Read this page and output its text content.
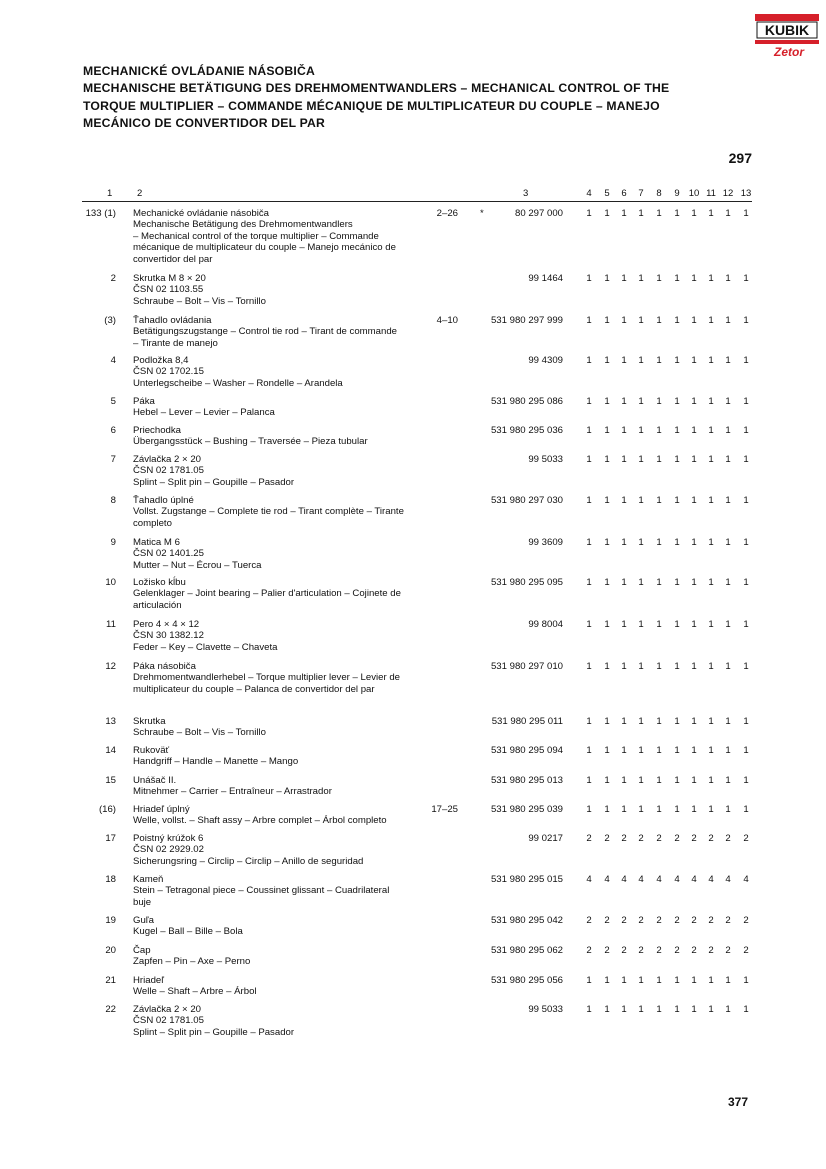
KUBIK
Zetor
MECHANICKÉ OVLÁDANIE NÁSOBIČA
MECHANISCHE BETÄTIGUNG DES DREHMOMENTWANDLERS – MECHANICAL CONTROL OF THE
TORQUE MULTIPLIER – COMMANDE MÉCANIQUE DE MULTIPLICATEUR DU COUPLE – MANEJO
MECÁNICO DE CONVERTIDOR DEL PAR
297
1	2	3	4	5	6	7	8	9 10 11 12 13
133 (1) Mechanické ovládanie násobiča
Mechanische Betätigung des Drehmomentwandlers
– Mechanical control of the torque multiplier – Commande
mécanique de multiplicateur du couple – Manejo mecánico de
convertidor del par
2–26 *	80 297 000	1	1	1	1	1	1	1	1	1	1
2 Skrutka M 8 × 20
ČSN 02 1103.55
Schraube – Bolt – Vis – Tornillo
99 1464	1	1	1	1	1	1	1	1	1	1
(3) Ťahadlo ovládania
Betätigungszugstange – Control tie rod – Tirant de commande
– Tirante de manejo
4–10	531 980 297 999	1	1	1	1	1	1	1	1	1	1
4 Podložka 8,4
ČSN 02 1702.15
Unterlegscheibe – Washer – Rondelle – Arandela
99 4309	1	1	1	1	1	1	1	1	1	1
5 Páka
Hebel – Lever – Levier – Palanca
531 980 295 086	1	1	1	1	1	1	1	1	1	1
6 Priechodka
Übergangsstück – Bushing – Traversée – Pieza tubular
531 980 295 036	1	1	1	1	1	1	1	1	1	1
7 Závlačka 2 × 20
ČSN 02 1781.05
Splint – Split pin – Goupille – Pasador
99 5033	1	1	1	1	1	1	1	1	1	1
8 Ťahadlo úplné
Vollst. Zugstange – Complete tie rod – Tirant complète – Tirante
completo
531 980 297 030	1	1	1	1	1	1	1	1	1	1
9 Matica M 6
ČSN 02 1401.25
Mutter – Nut – Écrou – Tuerca
99 3609	1	1	1	1	1	1	1	1	1	1
10 Ložisko kĺbu
Gelenklager – Joint bearing – Palier d'articulation – Cojinete de
articulación
531 980 295 095	1	1	1	1	1	1	1	1	1	1
11 Pero 4 × 4 × 12
ČSN 30 1382.12
Feder – Key – Clavette – Chaveta
99 8004	1	1	1	1	1	1	1	1	1	1
12 Páka násobiča
Drehmomentwandlerhebel – Torque multiplier lever – Levier de
multiplicateur du couple – Palanca de convertidor del par
531 980 297 010	1	1	1	1	1	1	1	1	1	1
13 Skrutka
Schraube – Bolt – Vis – Tornillo
531 980 295 011	1	1	1	1	1	1	1	1	1	1
14 Rukoväť
Handgriff – Handle – Manette – Mango
531 980 295 094	1	1	1	1	1	1	1	1	1	1
15 Unášač II.
Mitnehmer – Carrier – Entraîneur – Arrastrador
531 980 295 013	1	1	1	1	1	1	1	1	1	1
(16) Hriadeľ úplný
Welle, vollst. – Shaft assy – Arbre complet – Árbol completo
17–25	531 980 295 039	1	1	1	1	1	1	1	1	1	1
17 Poistný krúžok 6
ČSN 02 2929.02
Sicherungsring – Circlip – Circlip – Anillo de seguridad
99 0217	2	2	2	2	2	2	2	2	2	2
18 Kameň
Stein – Tetragonal piece – Coussinet glissant – Cuadrilateral
buje
531 980 295 015	4	4	4	4	4	4	4	4	4	4
19 Guľa
Kugel – Ball – Bille – Bola
531 980 295 042	2	2	2	2	2	2	2	2	2	2
20 Čap
Zapfen – Pin – Axe – Perno
531 980 295 062	2	2	2	2	2	2	2	2	2	2
21 Hriadeľ
Welle – Shaft – Arbre – Árbol
531 980 295 056	1	1	1	1	1	1	1	1	1	1
22 Závlačka 2 × 20
ČSN 02 1781.05
Splint – Split pin – Goupille – Pasador
99 5033	1	1	1	1	1	1	1	1	1	1
377
